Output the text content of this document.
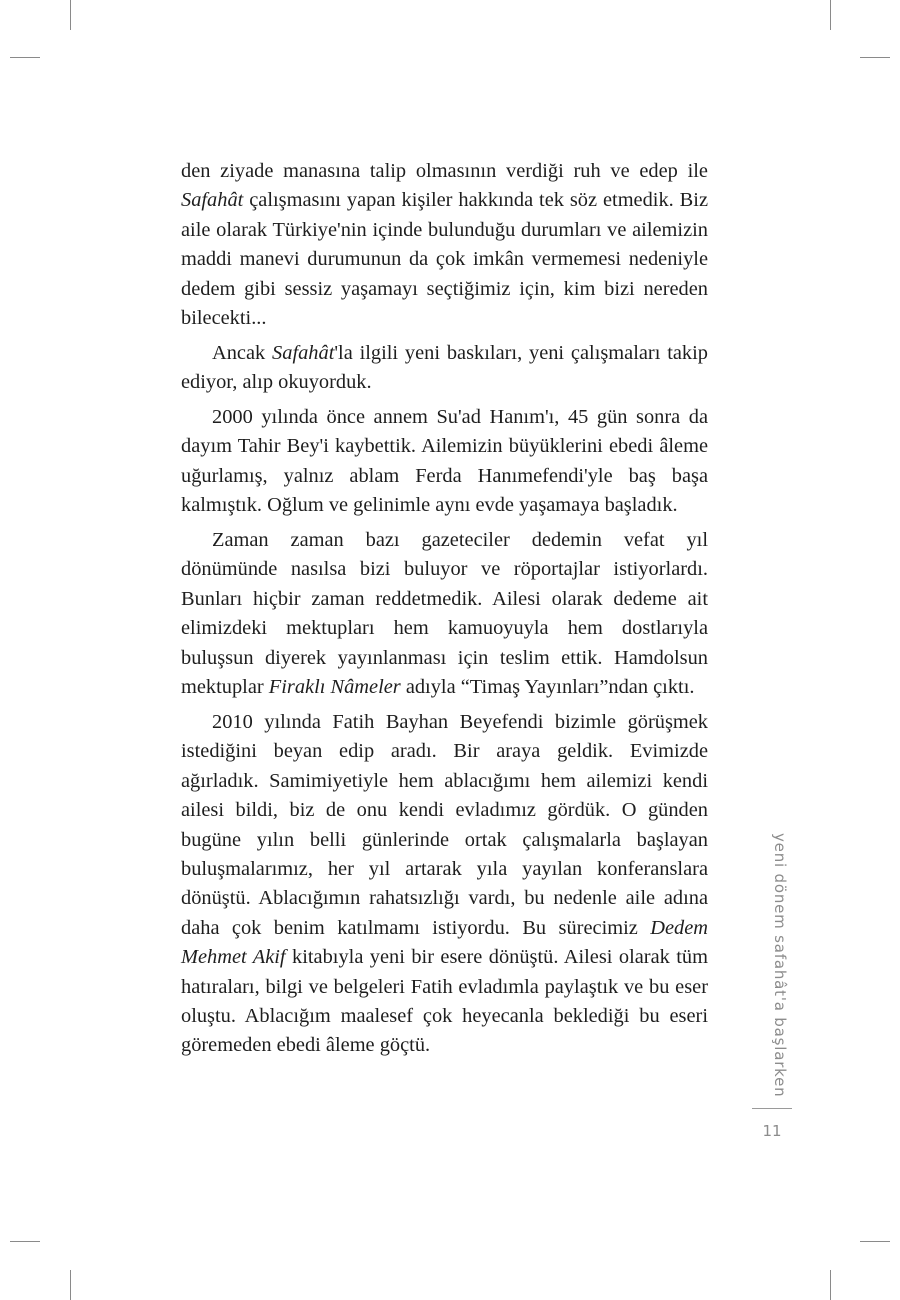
den ziyade manasına talip olmasının verdiği ruh ve edep ile Safahât çalışmasını yapan kişiler hakkında tek söz etmedik. Biz aile olarak Türkiye'nin içinde bulunduğu durumları ve ailemizin maddi manevi durumunun da çok imkân vermemesi nedeniyle dedem gibi sessiz yaşamayı seçtiğimiz için, kim bizi nereden bilecekti...

Ancak Safahât'la ilgili yeni baskıları, yeni çalışmaları takip ediyor, alıp okuyorduk.

2000 yılında önce annem Su'ad Hanım'ı, 45 gün sonra da dayım Tahir Bey'i kaybettik. Ailemizin büyüklerini ebedi âleme uğurlamış, yalnız ablam Ferda Hanımefendi'yle baş başa kalmıştık. Oğlum ve gelinimle aynı evde yaşamaya başladık.

Zaman zaman bazı gazeteciler dedemin vefat yıl dönümünde nasılsa bizi buluyor ve röportajlar istiyorlardı. Bunları hiçbir zaman reddetmedik. Ailesi olarak dedeme ait elimizdeki mektupları hem kamuoyuyla hem dostlarıyla buluşsun diyerek yayınlanması için teslim ettik. Hamdolsun mektuplar Firaklı Nâmeler adıyla “Timaş Yayınları”ndan çıktı.

2010 yılında Fatih Bayhan Beyefendi bizimle görüşmek istediğini beyan edip aradı. Bir araya geldik. Evimizde ağırladık. Samimiyetiyle hem ablacığımı hem ailemizi kendi ailesi bildi, biz de onu kendi evladımız gördük. O günden bugüne yılın belli günlerinde ortak çalışmalarla başlayan buluşmalarımız, her yıl artarak yıla yayılan konferanslara dönüştü. Ablacığımın rahatsızlığı vardı, bu nedenle aile adına daha çok benim katılmamı istiyordu. Bu sürecimiz Dedem Mehmet Akif kitabıyla yeni bir esere dönüştü. Ailesi olarak tüm hatıraları, bilgi ve belgeleri Fatih evladımla paylaştık ve bu eser oluştu. Ablacığım maalesef çok heyecanla beklediği bu eseri göremeden ebedi âleme göçtü.	yeni dönem safahât'a başlarken
11
